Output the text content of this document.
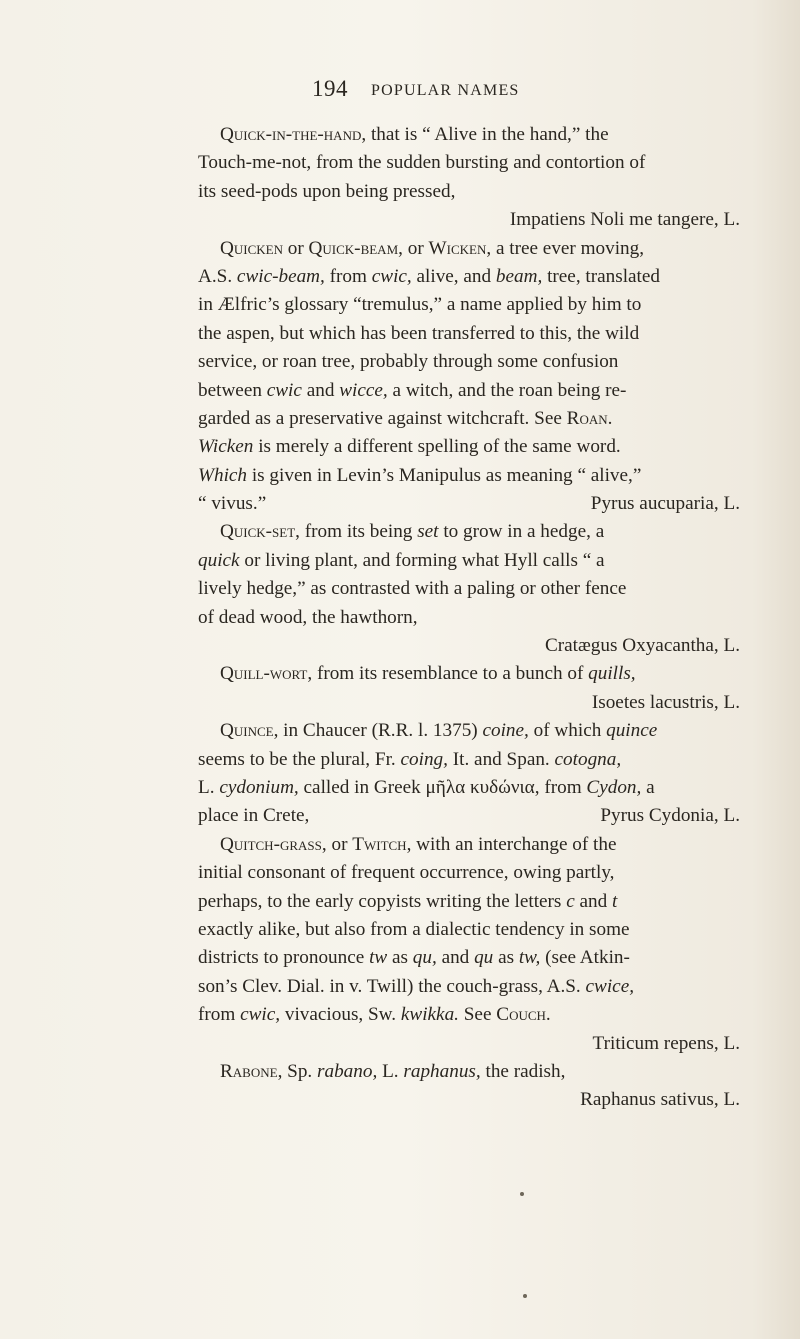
194 POPULAR NAMES
Quick-in-the-hand, that is “ Alive in the hand,” the
Touch-me-not, from the sudden bursting and contortion of
its seed-pods upon being pressed,
Impatiens Noli me tangere, L.
Quicken or Quick-beam, or Wicken, a tree ever moving,
A.S. cwic-beam, from cwic, alive, and beam, tree, translated
in Ælfric’s glossary “tremulus,” a name applied by him to
the aspen, but which has been transferred to this, the wild
service, or roan tree, probably through some confusion
between cwic and wicce, a witch, and the roan being re-
garded as a preservative against witchcraft. See Roan.
Wicken is merely a different spelling of the same word.
Which is given in Levin’s Manipulus as meaning “ alive,”
“ vivus.”	Pyrus aucuparia, L.
Quick-set, from its being set to grow in a hedge, a
quick or living plant, and forming what Hyll calls “ a
lively hedge,” as contrasted with a paling or other fence
of dead wood, the hawthorn,
Cratægus Oxyacantha, L.
Quill-wort, from its resemblance to a bunch of quills,
Isoetes lacustris, L.
Quince, in Chaucer (R.R. l. 1375) coine, of which quince
seems to be the plural, Fr. coing, It. and Span. cotogna,
L. cydonium, called in Greek μῆλα κυδώνια, from Cydon, a
place in Crete,	Pyrus Cydonia, L.
Quitch-grass, or Twitch, with an interchange of the
initial consonant of frequent occurrence, owing partly,
perhaps, to the early copyists writing the letters c and t
exactly alike, but also from a dialectic tendency in some
districts to pronounce tw as qu, and qu as tw, (see Atkin-
son’s Clev. Dial. in v. Twill) the couch-grass, A.S. cwice,
from cwic, vivacious, Sw. kwikka. See Couch.
Triticum repens, L.
Rabone, Sp. rabano, L. raphanus, the radish,
Raphanus sativus, L.
